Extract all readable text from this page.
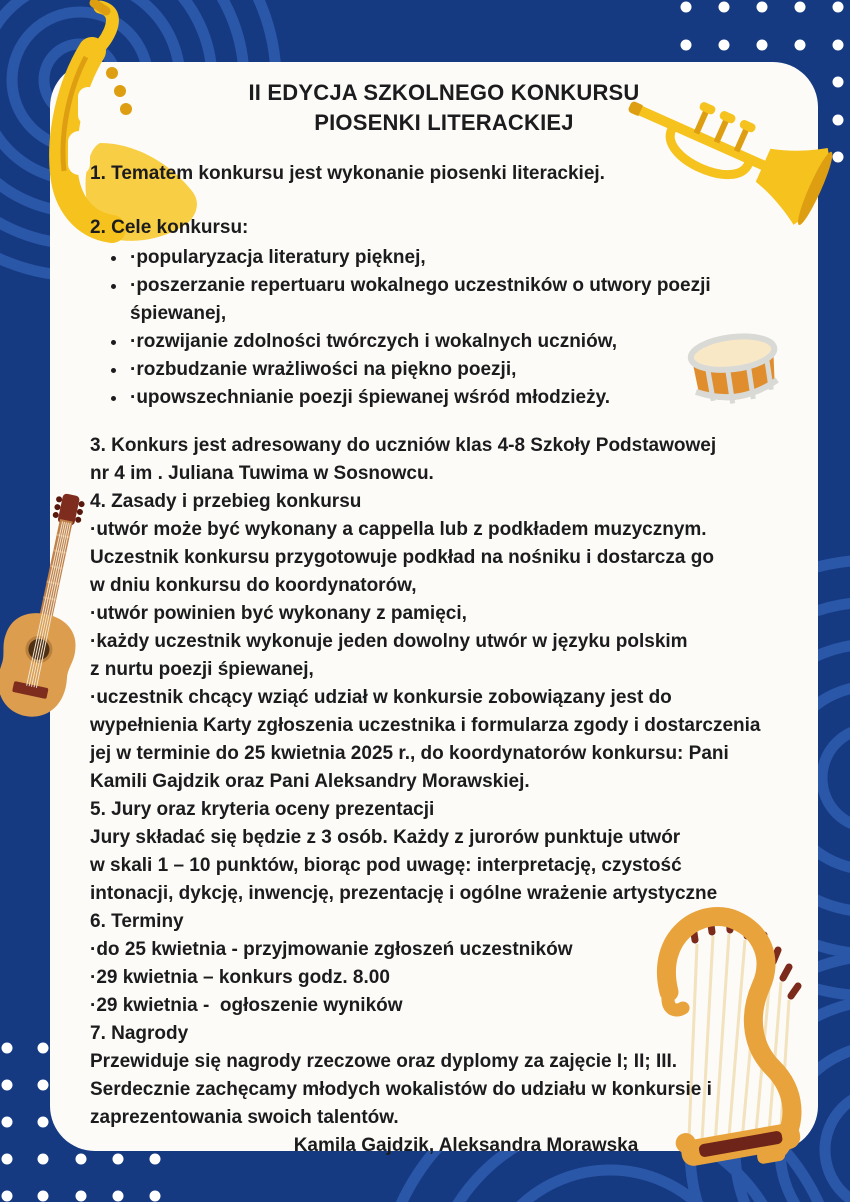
II EDYCJA SZKOLNEGO KONKURSU
PIOSENKI LITERACKIEJ
1. Tematem konkursu jest wykonanie piosenki literackiej.
2. Cele konkursu:
• ·popularyzacja literatury pięknej,
• ·poszerzanie repertuaru wokalnego uczestników o utwory poezji śpiewanej,
• ·rozwijanie zdolności twórczych i wokalnych uczniów,
• ·rozbudzanie wrażliwości na piękno poezji,
• ·upowszechnianie poezji śpiewanej wśród młodzieży.
3. Konkurs jest adresowany do uczniów klas 4-8 Szkoły Podstawowej
nr 4 im . Juliana Tuwima w Sosnowcu.
4. Zasady i przebieg konkursu
·utwór może być wykonany a cappella lub z podkładem muzycznym.
Uczestnik konkursu przygotowuje podkład na nośniku i dostarcza go
w dniu konkursu do koordynatorów,
·utwór powinien być wykonany z pamięci,
·każdy uczestnik wykonuje jeden dowolny utwór w języku polskim
z nurtu poezji śpiewanej,
·uczestnik chcący wziąć udział w konkursie zobowiązany jest do
wypełnienia Karty zgłoszenia uczestnika i formularza zgody i dostarczenia
jej w terminie do 25 kwietnia 2025 r., do koordynatorów konkursu: Pani
Kamili Gajdzik oraz Pani Aleksandry Morawskiej.
5. Jury oraz kryteria oceny prezentacji
Jury składać się będzie z 3 osób. Każdy z jurorów punktuje utwór
w skali 1 – 10 punktów, biorąc pod uwagę: interpretację, czystość
intonacji, dykcję, inwencję, prezentację i ogólne wrażenie artystyczne
6. Terminy
·do 25 kwietnia - przyjmowanie zgłoszeń uczestników
·29 kwietnia – konkurs godz. 8.00
·29 kwietnia -  ogłoszenie wyników
7. Nagrody
Przewiduje się nagrody rzeczowe oraz dyplomy za zajęcie I; II; III.
Serdecznie zachęcamy młodych wokalistów do udziału w konkursie i
zaprezentowania swoich talentów.
Kamila Gajdzik, Aleksandra Morawska
